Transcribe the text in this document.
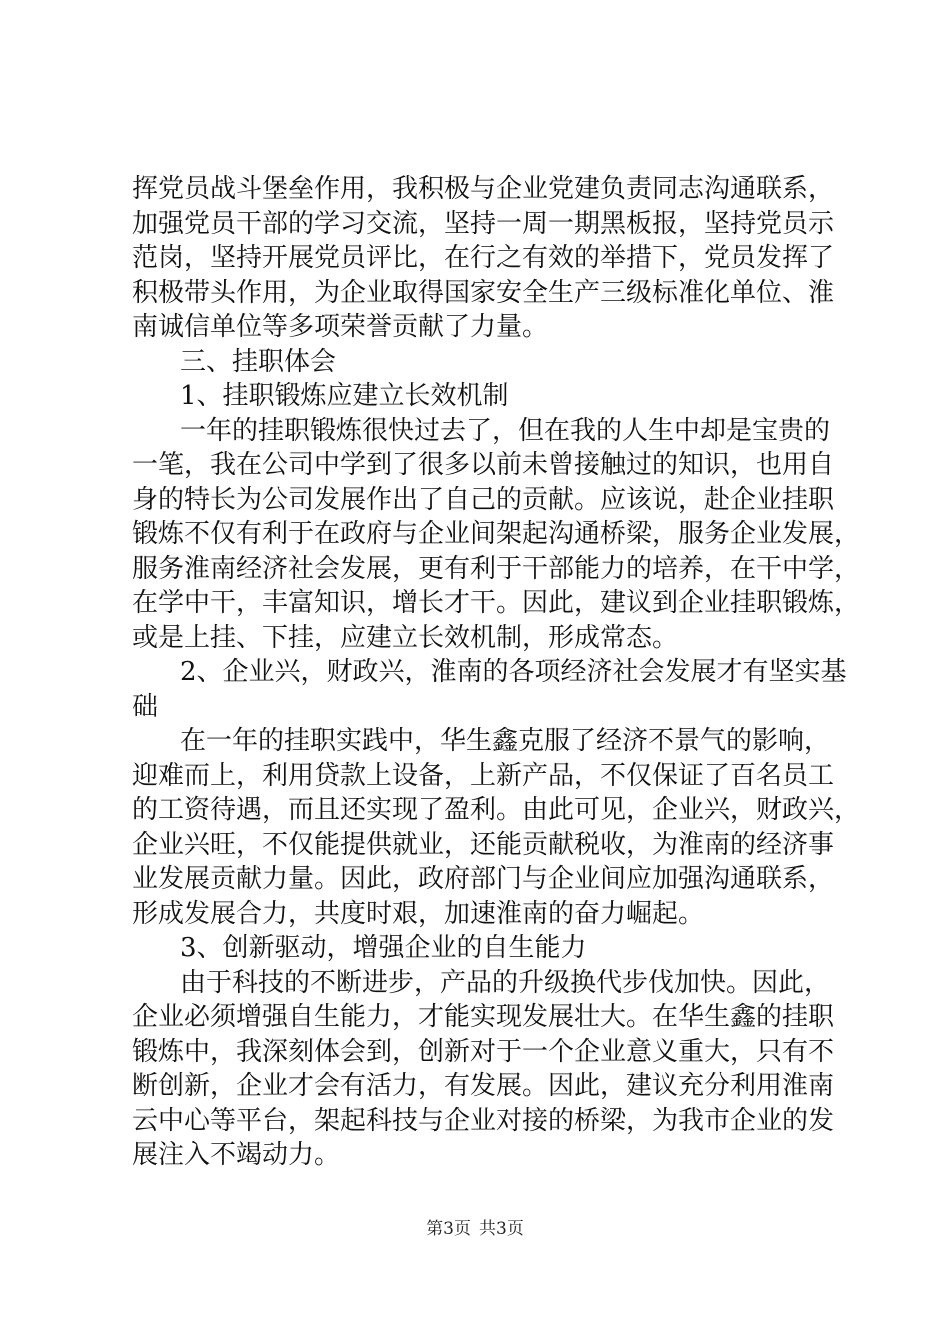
挥党员战斗堡垒作用，我积极与企业党建负责同志沟通联系，
加强党员干部的学习交流，坚持一周一期黑板报，坚持党员示
范岗，坚持开展党员评比，在行之有效的举措下，党员发挥了
积极带头作用，为企业取得国家安全生产三级标准化单位、淮
南诚信单位等多项荣誉贡献了力量。
三、挂职体会
1、挂职锻炼应建立长效机制
一年的挂职锻炼很快过去了，但在我的人生中却是宝贵的
一笔，我在公司中学到了很多以前未曾接触过的知识，也用自
身的特长为公司发展作出了自己的贡献。应该说，赴企业挂职
锻炼不仅有利于在政府与企业间架起沟通桥梁，服务企业发展，
服务淮南经济社会发展，更有利于干部能力的培养，在干中学，
在学中干，丰富知识，增长才干。因此，建议到企业挂职锻炼，
或是上挂、下挂，应建立长效机制，形成常态。
2、企业兴，财政兴，淮南的各项经济社会发展才有坚实基
础
在一年的挂职实践中，华生鑫克服了经济不景气的影响，
迎难而上，利用贷款上设备，上新产品，不仅保证了百名员工
的工资待遇，而且还实现了盈利。由此可见，企业兴，财政兴，
企业兴旺，不仅能提供就业，还能贡献税收，为淮南的经济事
业发展贡献力量。因此，政府部门与企业间应加强沟通联系，
形成发展合力，共度时艰，加速淮南的奋力崛起。
3、创新驱动，增强企业的自生能力
由于科技的不断进步，产品的升级换代步伐加快。因此，
企业必须增强自生能力，才能实现发展壮大。在华生鑫的挂职
锻炼中，我深刻体会到，创新对于一个企业意义重大，只有不
断创新，企业才会有活力，有发展。因此，建议充分利用淮南
云中心等平台，架起科技与企业对接的桥梁，为我市企业的发
展注入不竭动力。
第3页 共3页
